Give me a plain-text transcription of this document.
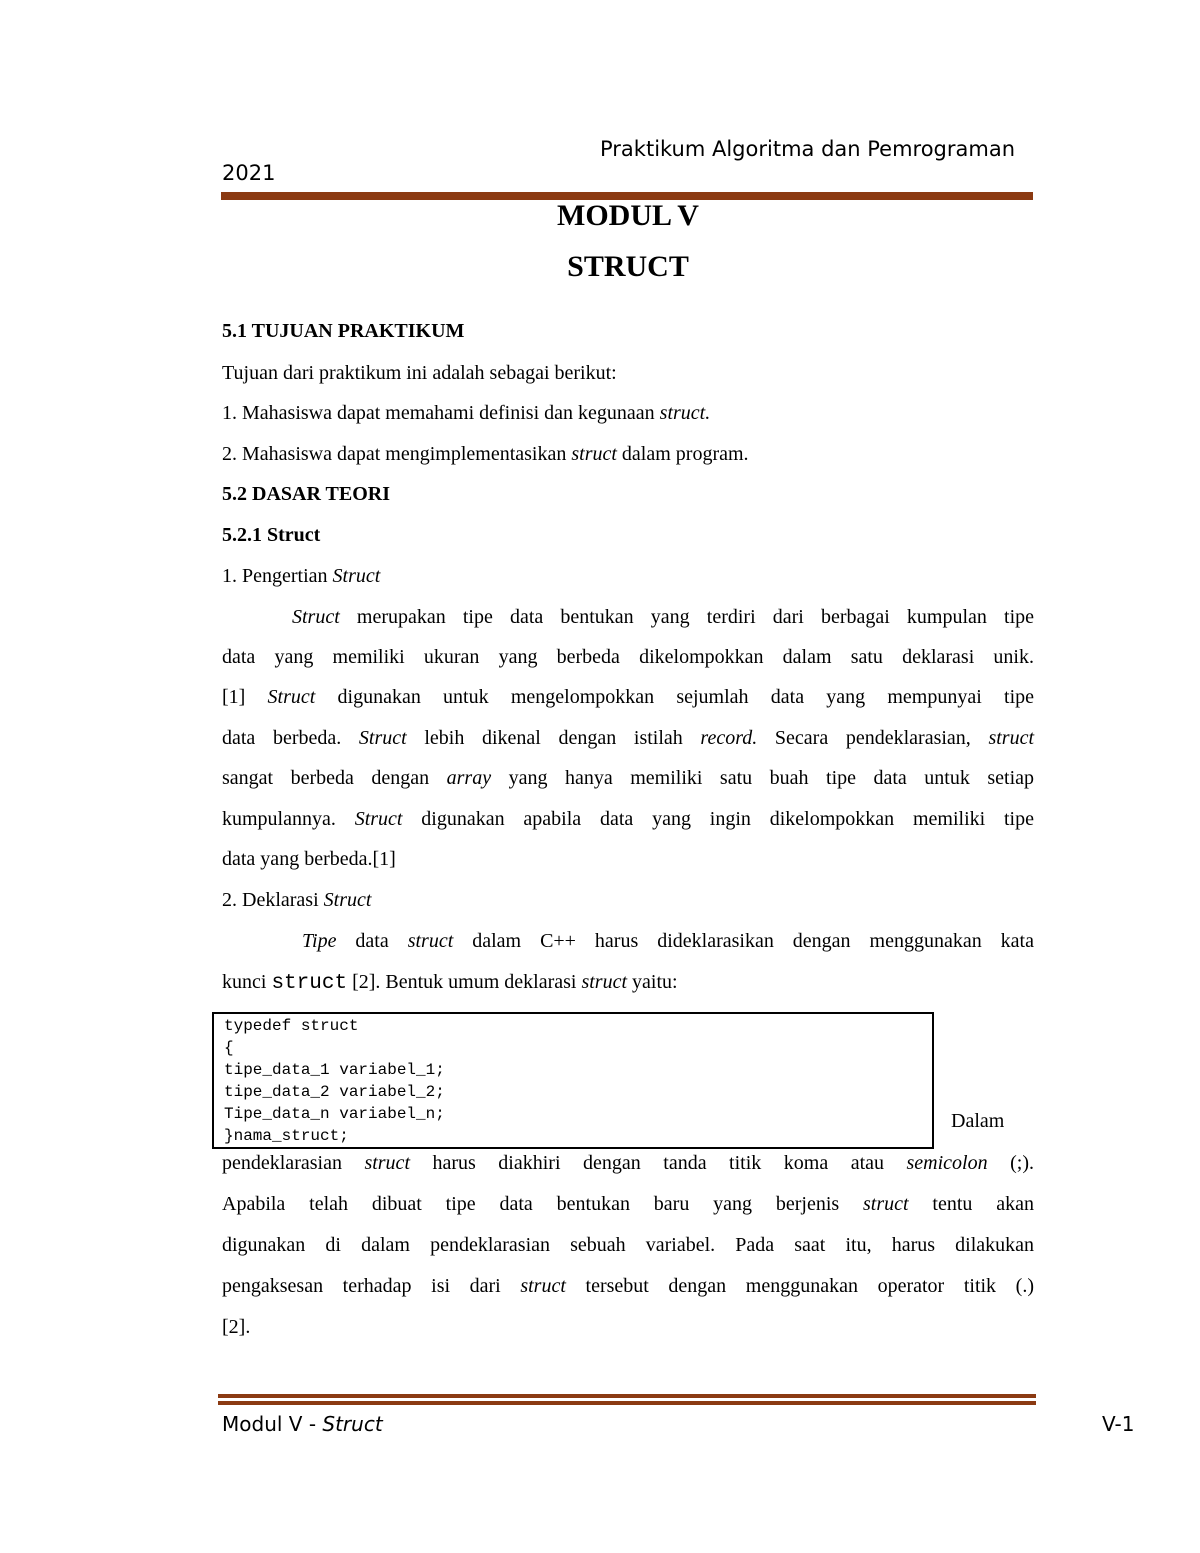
Praktikum Algoritma dan Pemrograman
2021
MODUL V
STRUCT
5.1 TUJUAN PRAKTIKUM
Tujuan dari praktikum ini adalah sebagai berikut:
1. Mahasiswa dapat memahami definisi dan kegunaan struct.
2. Mahasiswa dapat mengimplementasikan struct dalam program.
5.2 DASAR TEORI
5.2.1 Struct
1. Pengertian Struct
Struct merupakan tipe data bentukan yang terdiri dari berbagai kumpulan tipe
data yang memiliki ukuran yang berbeda dikelompokkan dalam satu deklarasi unik.
[1] Struct digunakan untuk mengelompokkan sejumlah data yang mempunyai tipe
data berbeda. Struct lebih dikenal dengan istilah record. Secara pendeklarasian, struct
sangat berbeda dengan array yang hanya memiliki satu buah tipe data untuk setiap
kumpulannya. Struct digunakan apabila data yang ingin dikelompokkan memiliki tipe
data yang berbeda.[1]
2. Deklarasi Struct
Tipe data struct dalam C++ harus dideklarasikan dengan menggunakan kata
kunci struct [2]. Bentuk umum deklarasi struct yaitu:
typedef struct
{
tipe_data_1 variabel_1;
tipe_data_2 variabel_2;
Tipe_data_n variabel_n;
}nama_struct;
Dalam
pendeklarasian struct harus diakhiri dengan tanda titik koma atau semicolon (;).
Apabila telah dibuat tipe data bentukan baru yang berjenis struct tentu akan
digunakan di dalam pendeklarasian sebuah variabel. Pada saat itu, harus dilakukan
pengaksesan terhadap isi dari struct tersebut dengan menggunakan operator titik (.)
[2].
Modul V - Struct	V-1
